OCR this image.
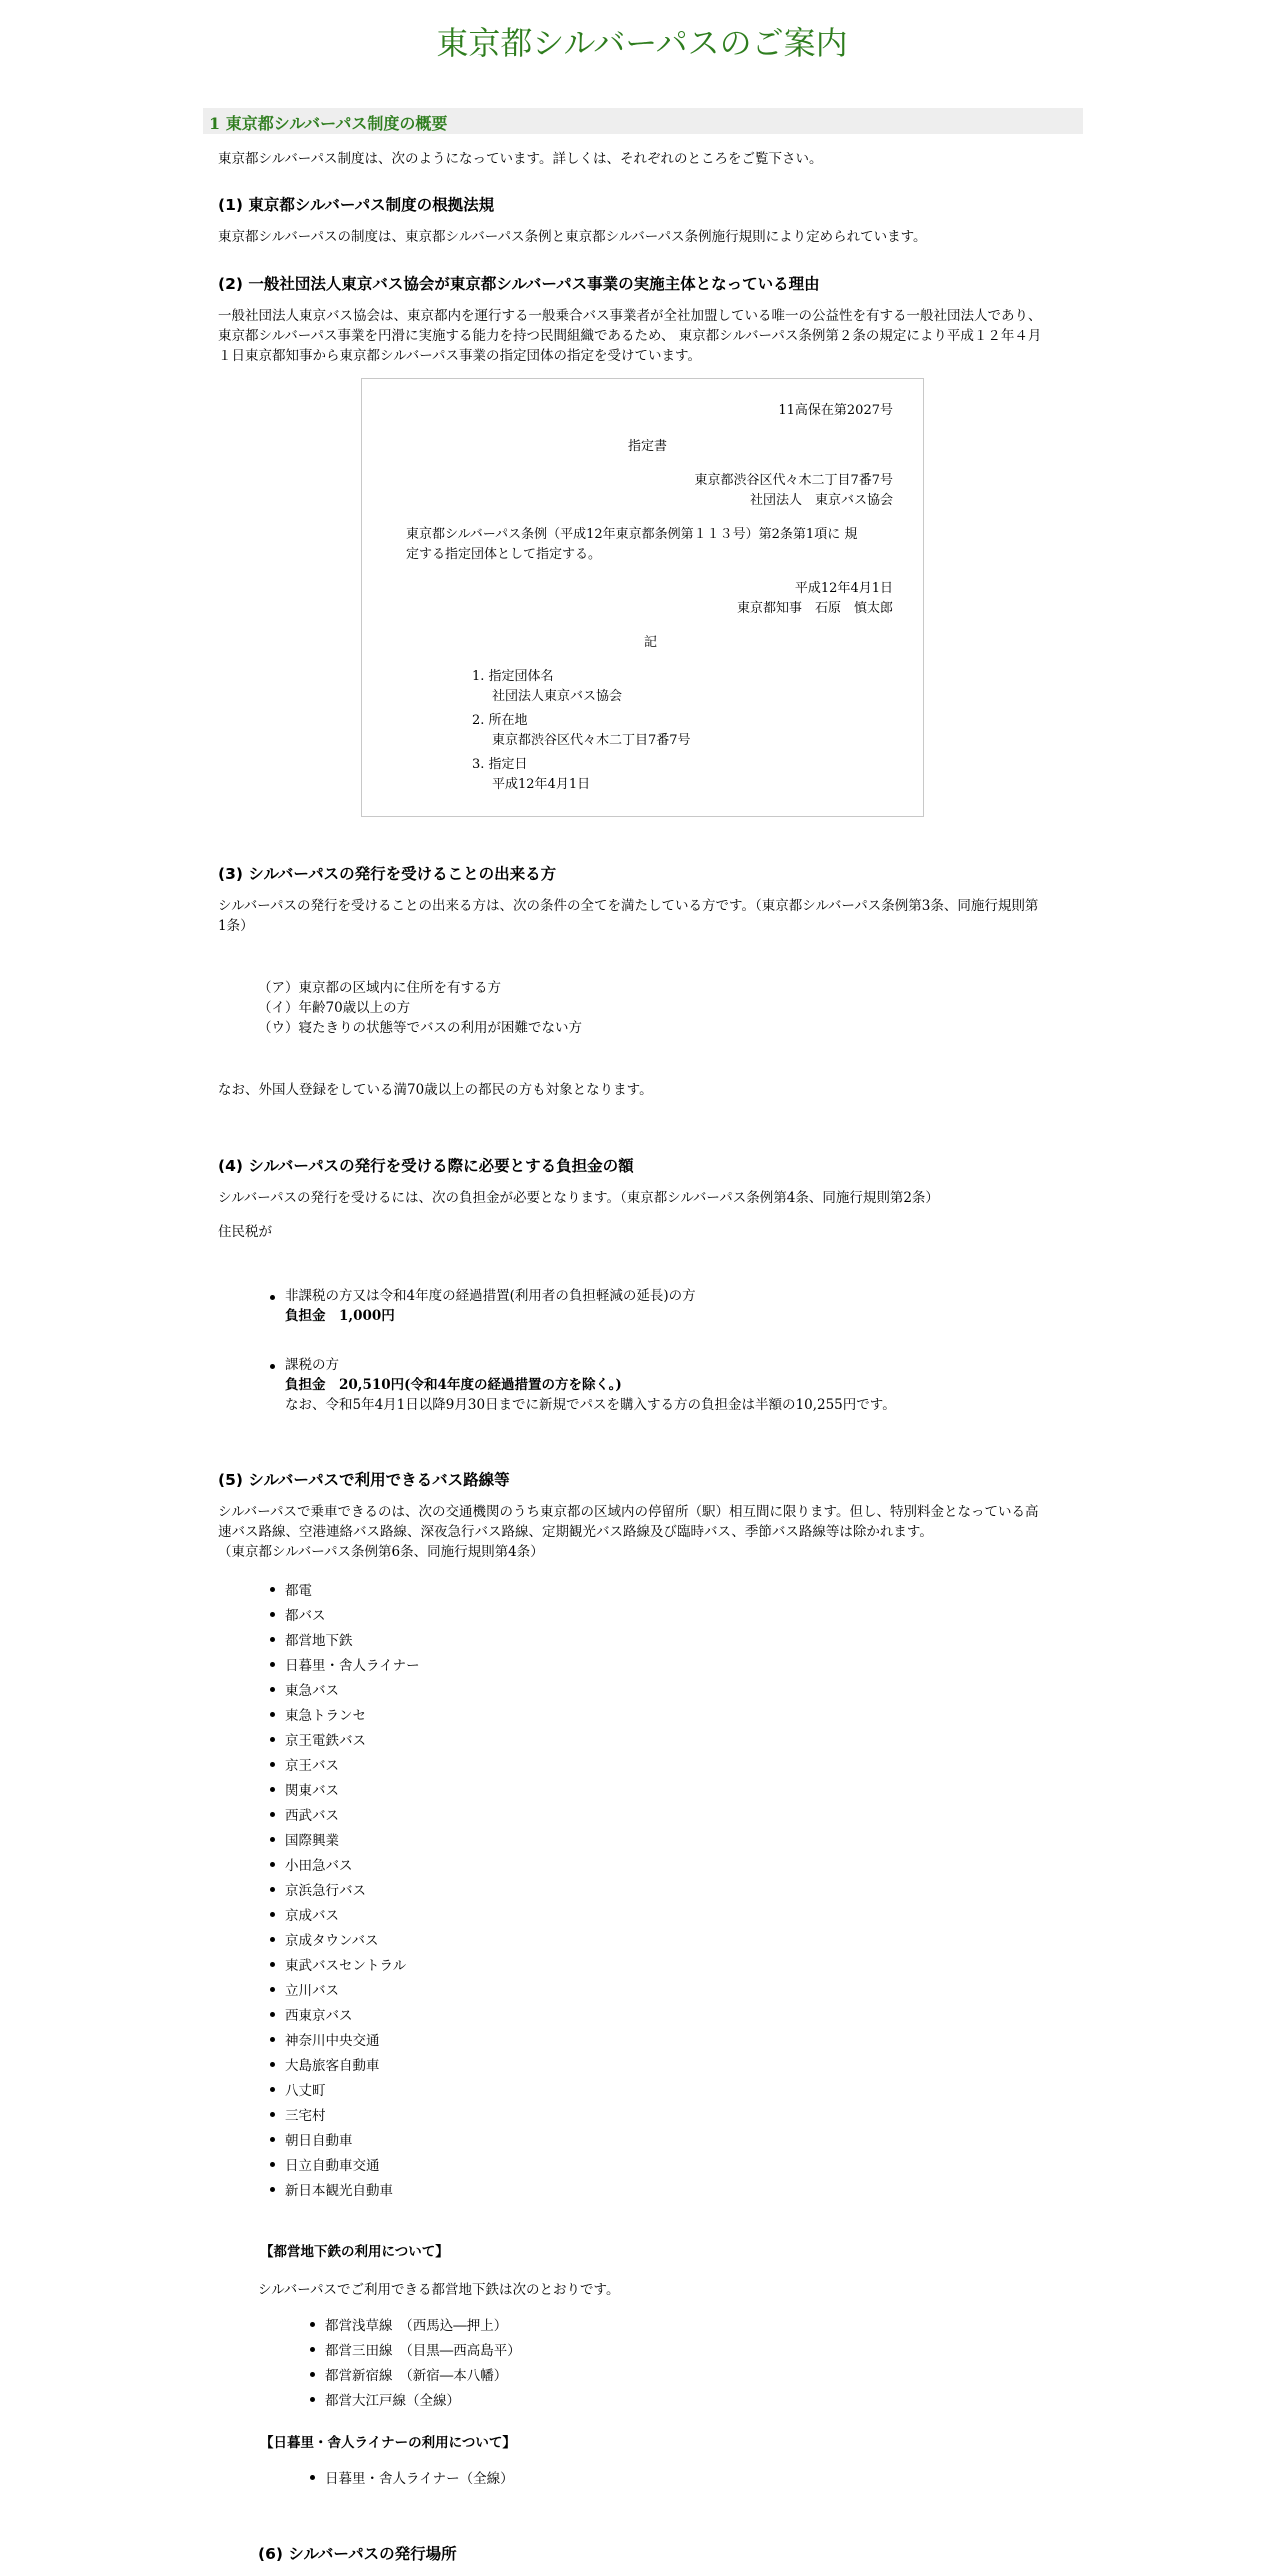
東京都シルバーパスのご案内
1 東京都シルバーパス制度の概要
東京都シルバーパス制度は、次のようになっています。詳しくは、それぞれのところをご覧下さい。
(1) 東京都シルバーパス制度の根拠法規
東京都シルバーパスの制度は、東京都シルバーパス条例と東京都シルバーパス条例施行規則により定められています。
(2) 一般社団法人東京バス協会が東京都シルバーパス事業の実施主体となっている理由
一般社団法人東京バス協会は、東京都内を運行する一般乗合バス事業者が全社加盟している唯一の公益性を有する一般社団法人であり、
東京都シルバーパス事業を円滑に実施する能力を持つ民間組織であるため、 東京都シルバーパス条例第２条の規定により平成１２年４月
１日東京都知事から東京都シルバーパス事業の指定団体の指定を受けています。
11高保在第2027号
指定書
東京都渋谷区代々木二丁目7番7号
社団法人　東京バス協会
東京都シルバーパス条例（平成12年東京都条例第１１３号）第2条第1項に 規
定する指定団体として指定する。
平成12年4月1日
東京都知事　石原　慎太郎
記
1. 指定団体名
社団法人東京バス協会
2. 所在地
東京都渋谷区代々木二丁目7番7号
3. 指定日
平成12年4月1日
(3) シルバーパスの発行を受けることの出来る方
シルバーパスの発行を受けることの出来る方は、次の条件の全てを満たしている方です。（東京都シルバーパス条例第3条、同施行規則第
1条）
（ア）東京都の区域内に住所を有する方
（イ）年齢70歳以上の方
（ウ）寝たきりの状態等でバスの利用が困難でない方
なお、外国人登録をしている満70歳以上の都民の方も対象となります。
(4) シルバーパスの発行を受ける際に必要とする負担金の額
シルバーパスの発行を受けるには、次の負担金が必要となります。（東京都シルバーパス条例第4条、同施行規則第2条）
住民税が
非課税の方又は令和4年度の経過措置(利用者の負担軽減の延長)の方
負担金　1,000円
課税の方
負担金　20,510円(令和4年度の経過措置の方を除く。)
なお、令和5年4月1日以降9月30日までに新規でパスを購入する方の負担金は半額の10,255円です。
(5) シルバーパスで利用できるバス路線等
シルバーパスで乗車できるのは、次の交通機関のうち東京都の区域内の停留所（駅）相互間に限ります。但し、特別料金となっている高
速バス路線、空港連絡バス路線、深夜急行バス路線、定期観光バス路線及び臨時バス、季節バス路線等は除かれます。
（東京都シルバーパス条例第6条、同施行規則第4条）
都電
都バス
都営地下鉄
日暮里・舎人ライナー
東急バス
東急トランセ
京王電鉄バス
京王バス
関東バス
西武バス
国際興業
小田急バス
京浜急行バス
京成バス
京成タウンバス
東武バスセントラル
立川バス
西東京バス
神奈川中央交通
大島旅客自動車
八丈町
三宅村
朝日自動車
日立自動車交通
新日本観光自動車
【都営地下鉄の利用について】
シルバーパスでご利用できる都営地下鉄は次のとおりです。
都営浅草線　（西馬込―押上）
都営三田線　（目黒―西高島平）
都営新宿線　（新宿―本八幡）
都営大江戸線（全線）
【日暮里・舎人ライナーの利用について】
日暮里・舎人ライナー（全線）
(6) シルバーパスの発行場所
